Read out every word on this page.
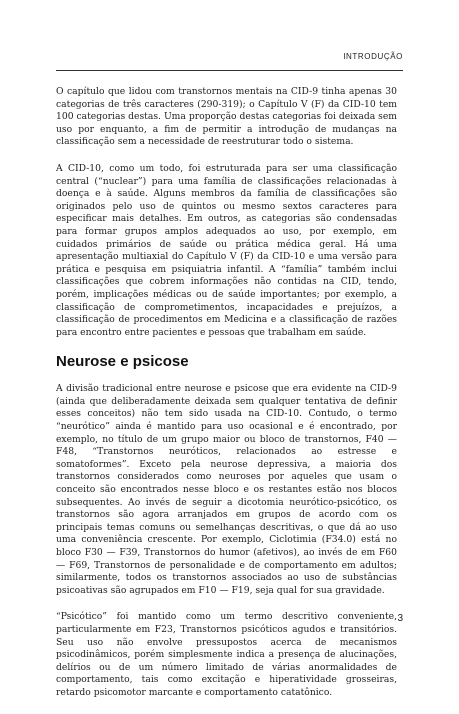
INTRODUÇÃO

O capítulo que lidou com transtornos mentais na CID-9 tinha apenas 30 categorias de três caracteres (290-319); o Capítulo V (F) da CID-10 tem 100 categorias destas. Uma proporção destas categorias foi deixada sem uso por enquanto, a fim de permitir a introdução de mudanças na classificação sem a necessidade de reestruturar todo o sistema.

A CID-10, como um todo, foi estruturada para ser uma classificação central (“nuclear”) para uma família de classificações relacionadas à doença e à saúde. Alguns membros da família de classificações são originados pelo uso de quintos ou mesmo sextos caracteres para especificar mais detalhes. Em outros, as categorias são condensadas para formar grupos amplos adequados ao uso, por exemplo, em cuidados primários de saúde ou prática médica geral. Há uma apresentação multiaxial do Capítulo V (F) da CID-10 e uma versão para prática e pesquisa em psiquiatria infantil. A “família” também inclui classificações que cobrem informações não contidas na CID, tendo, porém, implicações médicas ou de saúde importantes; por exemplo, a classificação de comprometimentos, incapacidades e prejuízos, a classificação de procedimentos em Medicina e a classificação de razões para encontro entre pacientes e pessoas que trabalham em saúde.

Neurose e psicose

A divisão tradicional entre neurose e psicose que era evidente na CID-9 (ainda que deliberadamente deixada sem qualquer tentativa de definir esses conceitos) não tem sido usada na CID-10. Contudo, o termo “neurótico” ainda é mantido para uso ocasional e é encontrado, por exemplo, no título de um grupo maior ou bloco de transtornos, F40 — F48, “Transtornos neuróticos, relacionados ao estresse e somatoformes”. Exceto pela neurose depressiva, a maioria dos transtornos considerados como neuroses por aqueles que usam o conceito são encontrados nesse bloco e os restantes estão nos blocos subsequentes. Ao invés de seguir a dicotomia neurótico-psicótico, os transtornos são agora arranjados em grupos de acordo com os principais temas comuns ou semelhanças descritivas, o que dá ao uso uma conveniência crescente. Por exemplo, Ciclotimia (F34.0) está no bloco F30 — F39, Transtornos do humor (afetivos), ao invés de em F60 — F69, Transtornos de personalidade e de comportamento em adultos; similarmente, todos os transtornos associados ao uso de substâncias psicoativas são agrupados em F10 — F19, seja qual for sua gravidade.

“Psicótico” foi mantido como um termo descritivo conveniente, particularmente em F23, Transtornos psicóticos agudos e transitórios. Seu uso não envolve pressupostos acerca de mecanismos psicodinâmicos, porém simplesmente indica a presença de alucinações, delírios ou de um número limitado de várias anormalidades de comportamento, tais como excitação e hiperatividade grosseiras, retardo psicomotor marcante e comportamento catatônico.

3
